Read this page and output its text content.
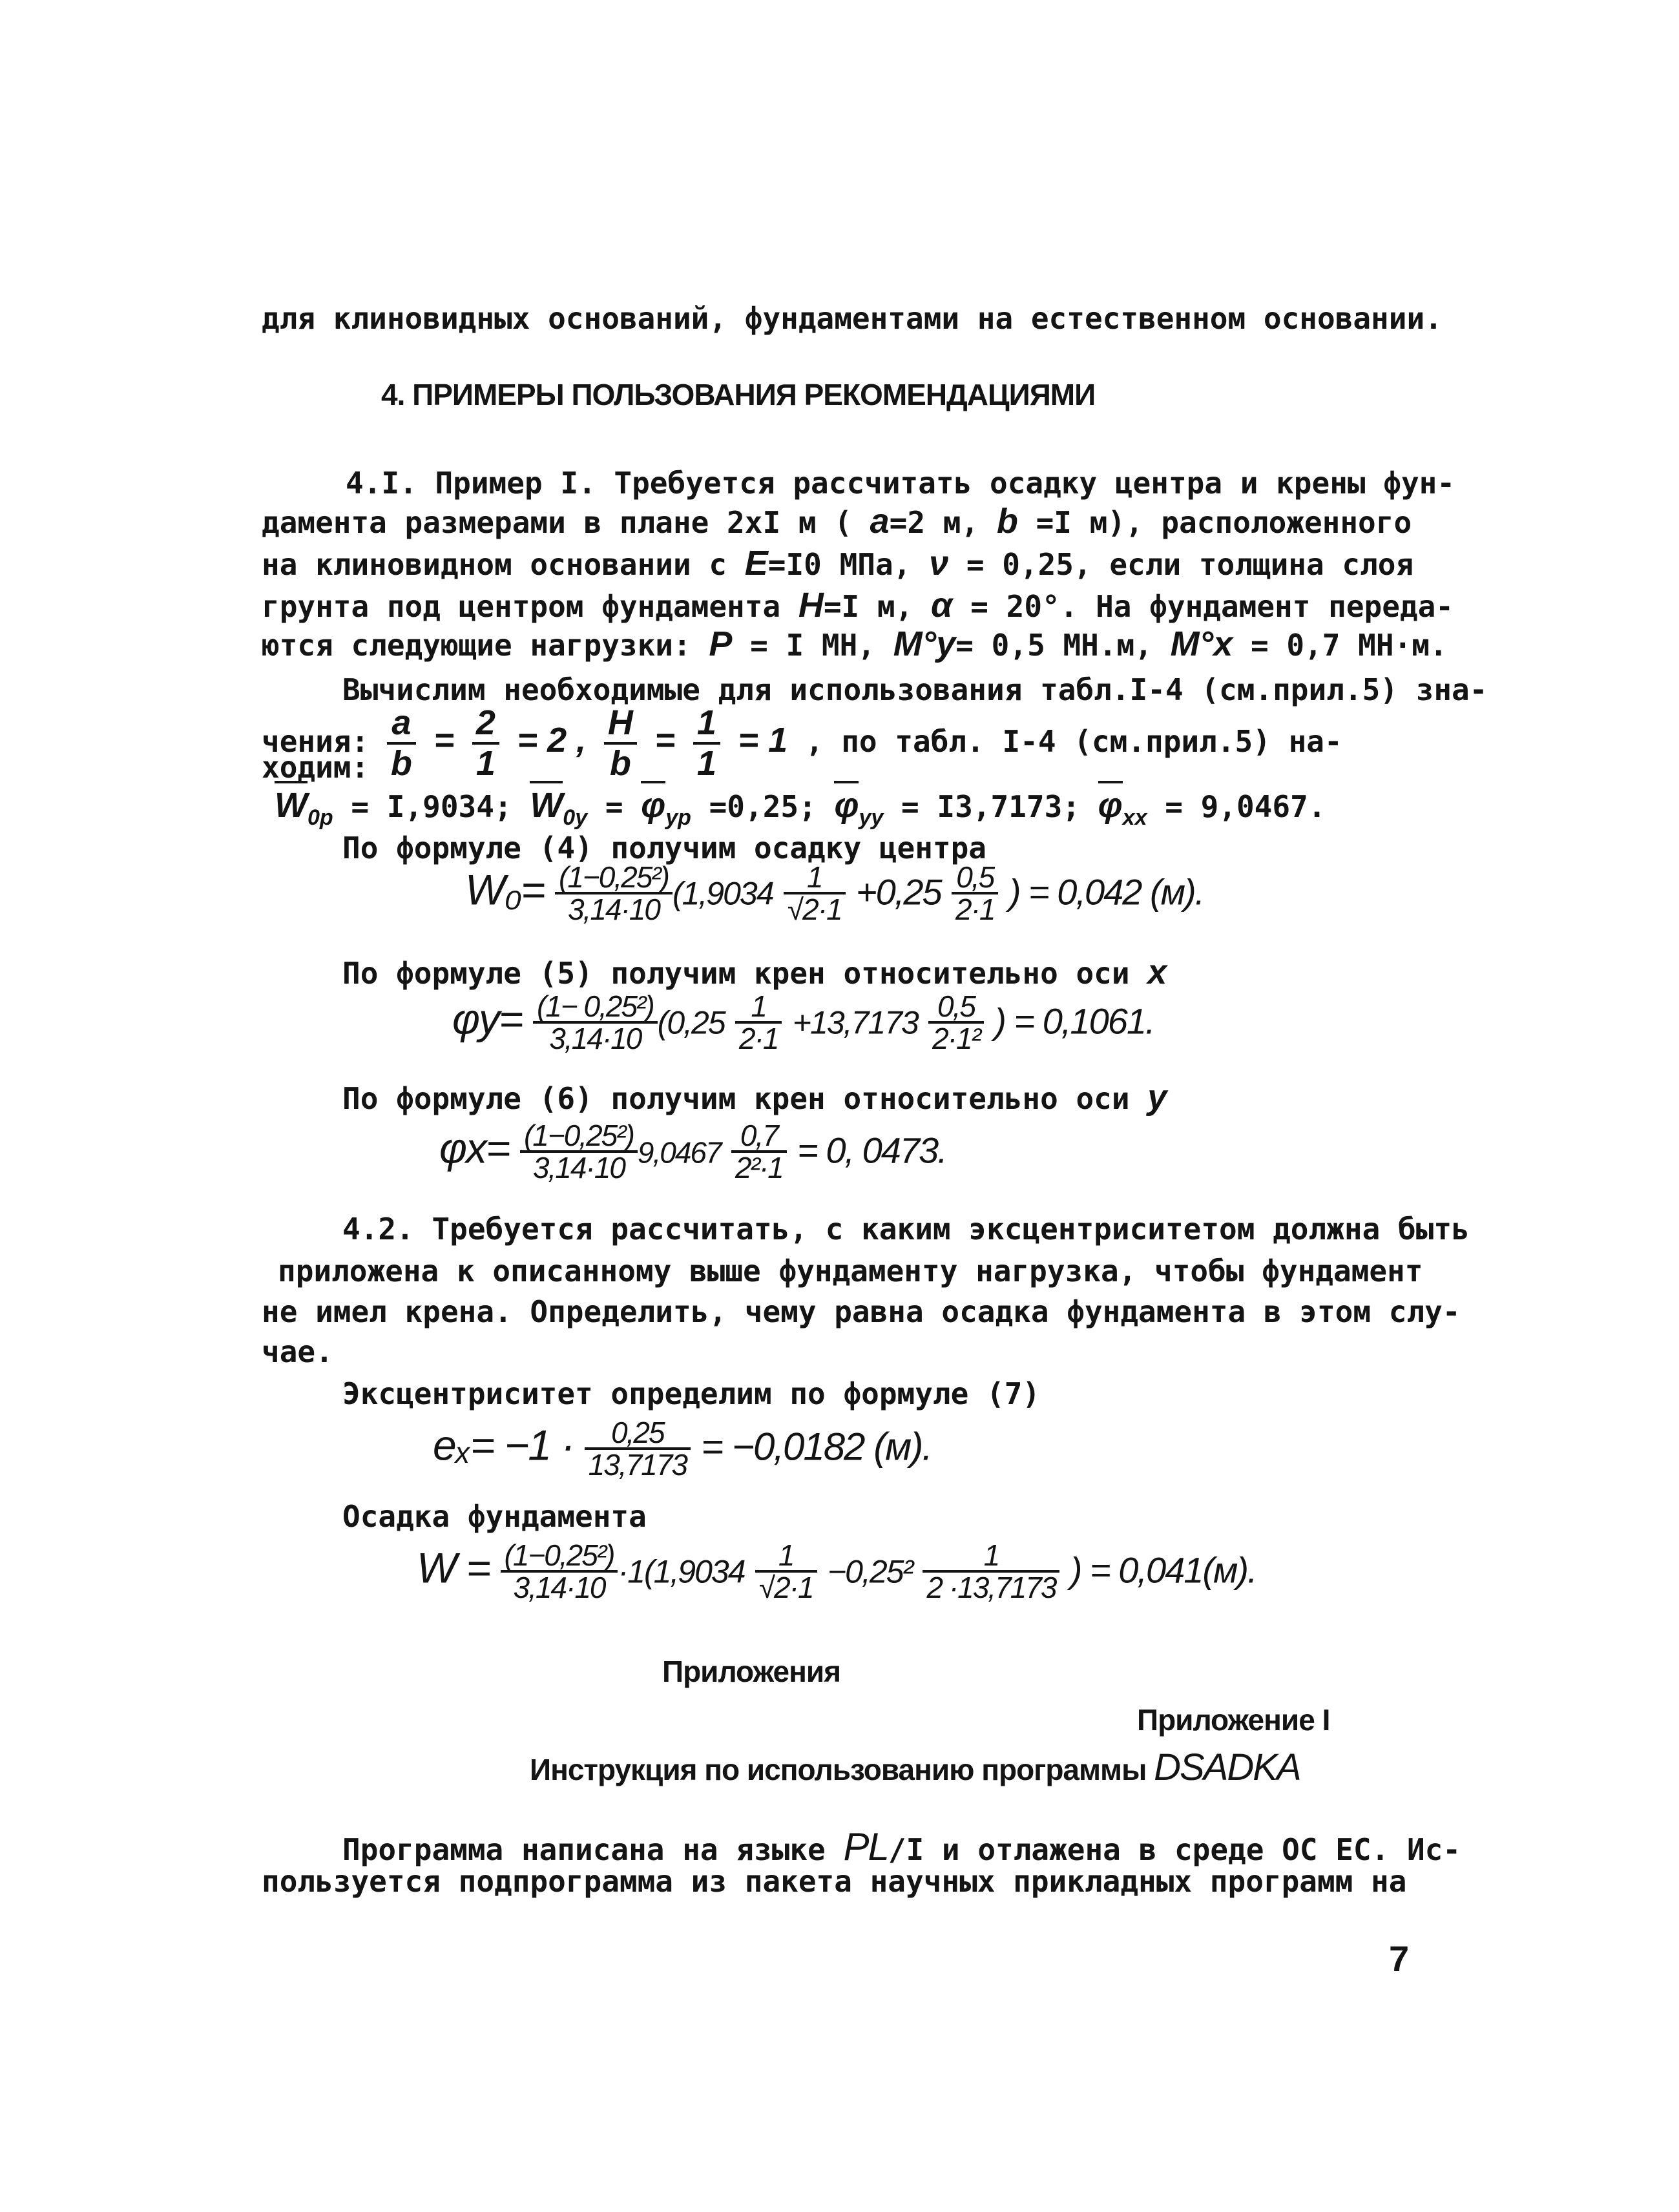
для клиновидных оснований, фундаментами на естественном основании.
4. ПРИМЕРЫ ПОЛЬЗОВАНИЯ РЕКОМЕНДАЦИЯМИ
4.I. Пример I. Требуется рассчитать осадку центра и крены фун-
дамента размерами в плане 2xI м ( a=2 м, b =I м), расположенного
на клиновидном основании с E=I0 МПа, ν = 0,25, если толщина слоя
грунта под центром фундамента H=I м, α = 20°. На фундамент переда-
ются следующие нагрузки: P = I МН, M°y= 0,5 МН.м, M°x = 0,7 МН·м.
Вычислим необходимые для использования табл.I-4 (см.прил.5) зна-
чения: $\frac{a}{b} = \frac{2}{1} = 2$ , $\frac{H}{b} = \frac{1}{1} = 1$ , по табл. I-4 (см.прил.5) на-
ходим:
$W_{0p} = I,9034$; $W_{0y} = \varphi_{yp} =0,25$; $\varphi_{yy} = I3,7173$; $\varphi_{xx} = 9,0467$.
По формуле (4) получим осадку центра
$W_0= \frac{\text{(1−0,25²)}}{3,14\cdot 10} (1,9034 \frac{1}{√2\cdot 1} +0,25 \frac{0,5}{2\cdot 1}$ ) = 0,042 (м).
По формуле (5) получим крен относительно оси x
$\varphi y= \frac{\text{(1− 0,25²)}}{3,14\cdot 10} (0,25 \frac{1}{2\cdot 1} +13,7173 \frac{0,5}{\text{2·1²}}$ ) = 0,1061.
По формуле (6) получим крен относительно оси y
$\varphi x= \frac{\text{(1−0,25²)}}{3,14\cdot 10} 9,0467 \frac{0,7}{\text{2²·1}} = 0$, 0473.
4.2. Требуется рассчитать, с каким эксцентриситетом должна быть
приложена к описанному выше фундаменту нагрузка, чтобы фундамент
не имел крена. Определить, чему равна осадка фундамента в этом слу-
чае.
Эксцентриситет определим по формуле (7)
$e_x= -1 \cdot \frac{0,25}{13,7173} = -0,0182$ (м).
Осадка фундамента
$W = \frac{\text{(1−0,25²)}}{3,14\cdot 10} \cdot 1(1,9034 \frac{1}{√2\cdot 1} -0,25^2 \frac{1}{2 \cdot 13,7173}$ ) = 0,041(м).
Приложения
Приложение I
Инструкция по использованию программы DSADKA
Программа написана на языке PL/I и отлажена в среде ОС ЕС. Ис-
пользуется подпрограмма из пакета научных прикладных программ на
7
